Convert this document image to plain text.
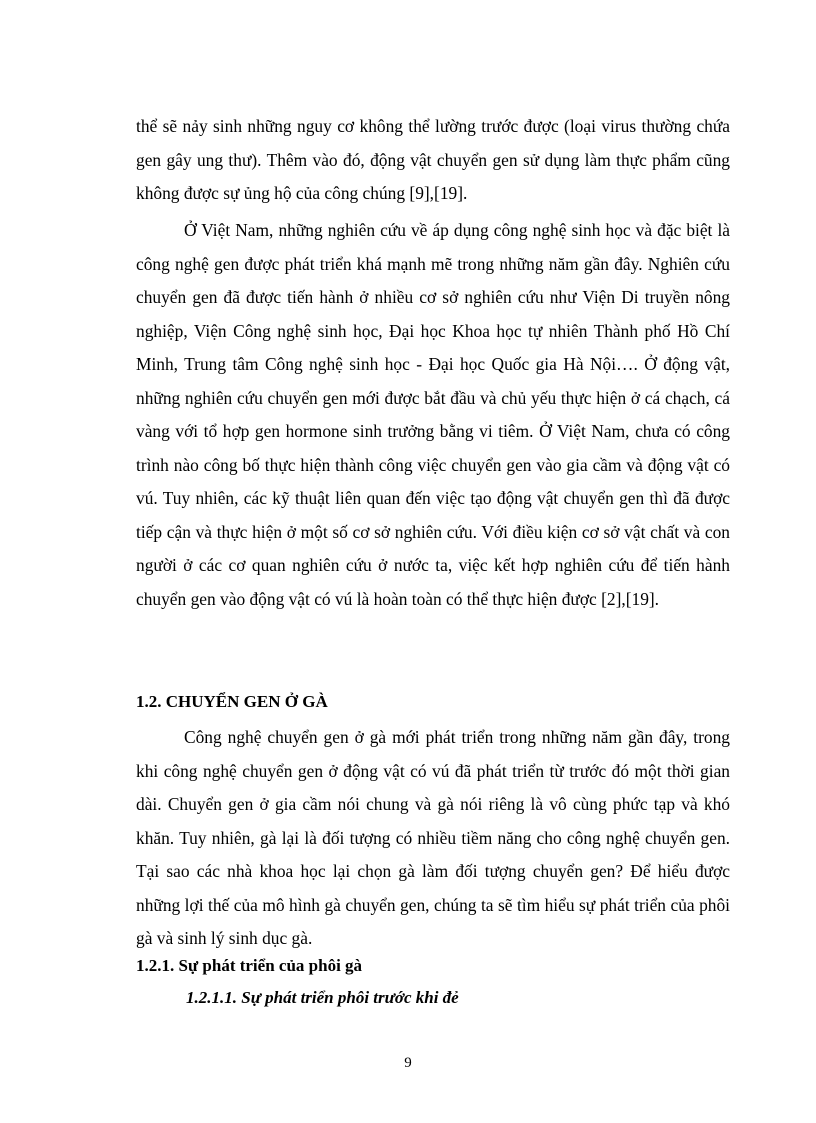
thể sẽ nảy sinh những nguy cơ không thể lường trước được (loại virus thường chứa gen gây ung thư). Thêm vào đó, động vật chuyển gen sử dụng làm thực phẩm cũng không được sự ủng hộ của công chúng [9],[19].

Ở Việt Nam, những nghiên cứu về áp dụng công nghệ sinh học và đặc biệt là công nghệ gen được phát triển khá mạnh mẽ trong những năm gần đây. Nghiên cứu chuyển gen đã được tiến hành ở nhiều cơ sở nghiên cứu như Viện Di truyền nông nghiệp, Viện Công nghệ sinh học, Đại học Khoa học tự nhiên Thành phố Hồ Chí Minh, Trung tâm Công nghệ sinh học - Đại học Quốc gia Hà Nội…. Ở động vật, những nghiên cứu chuyển gen mới được bắt đầu và chủ yếu thực hiện ở cá chạch, cá vàng với tổ hợp gen hormone sinh trưởng bằng vi tiêm. Ở Việt Nam, chưa có công trình nào công bố thực hiện thành công việc chuyển gen vào gia cầm và động vật có vú. Tuy nhiên, các kỹ thuật liên quan đến việc tạo động vật chuyển gen thì đã được tiếp cận và thực hiện ở một số cơ sở nghiên cứu. Với điều kiện cơ sở vật chất và con người ở các cơ quan nghiên cứu ở nước ta, việc kết hợp nghiên cứu để tiến hành chuyển gen vào động vật có vú là hoàn toàn có thể thực hiện được [2],[19].

1.2. CHUYỂN GEN Ở GÀ

Công nghệ chuyển gen ở gà mới phát triển trong những năm gần đây, trong khi công nghệ chuyển gen ở động vật có vú đã phát triển từ trước đó một thời gian dài. Chuyển gen ở gia cầm nói chung và gà nói riêng là vô cùng phức tạp và khó khăn. Tuy nhiên, gà lại là đối tượng có nhiều tiềm năng cho công nghệ chuyển gen. Tại sao các nhà khoa học lại chọn gà làm đối tượng chuyển gen? Để hiểu được những lợi thế của mô hình gà chuyển gen, chúng ta sẽ tìm hiểu sự phát triển của phôi gà và sinh lý sinh dục gà.

1.2.1. Sự phát triển của phôi gà
1.2.1.1. Sự phát triển phôi trước khi đẻ
9
